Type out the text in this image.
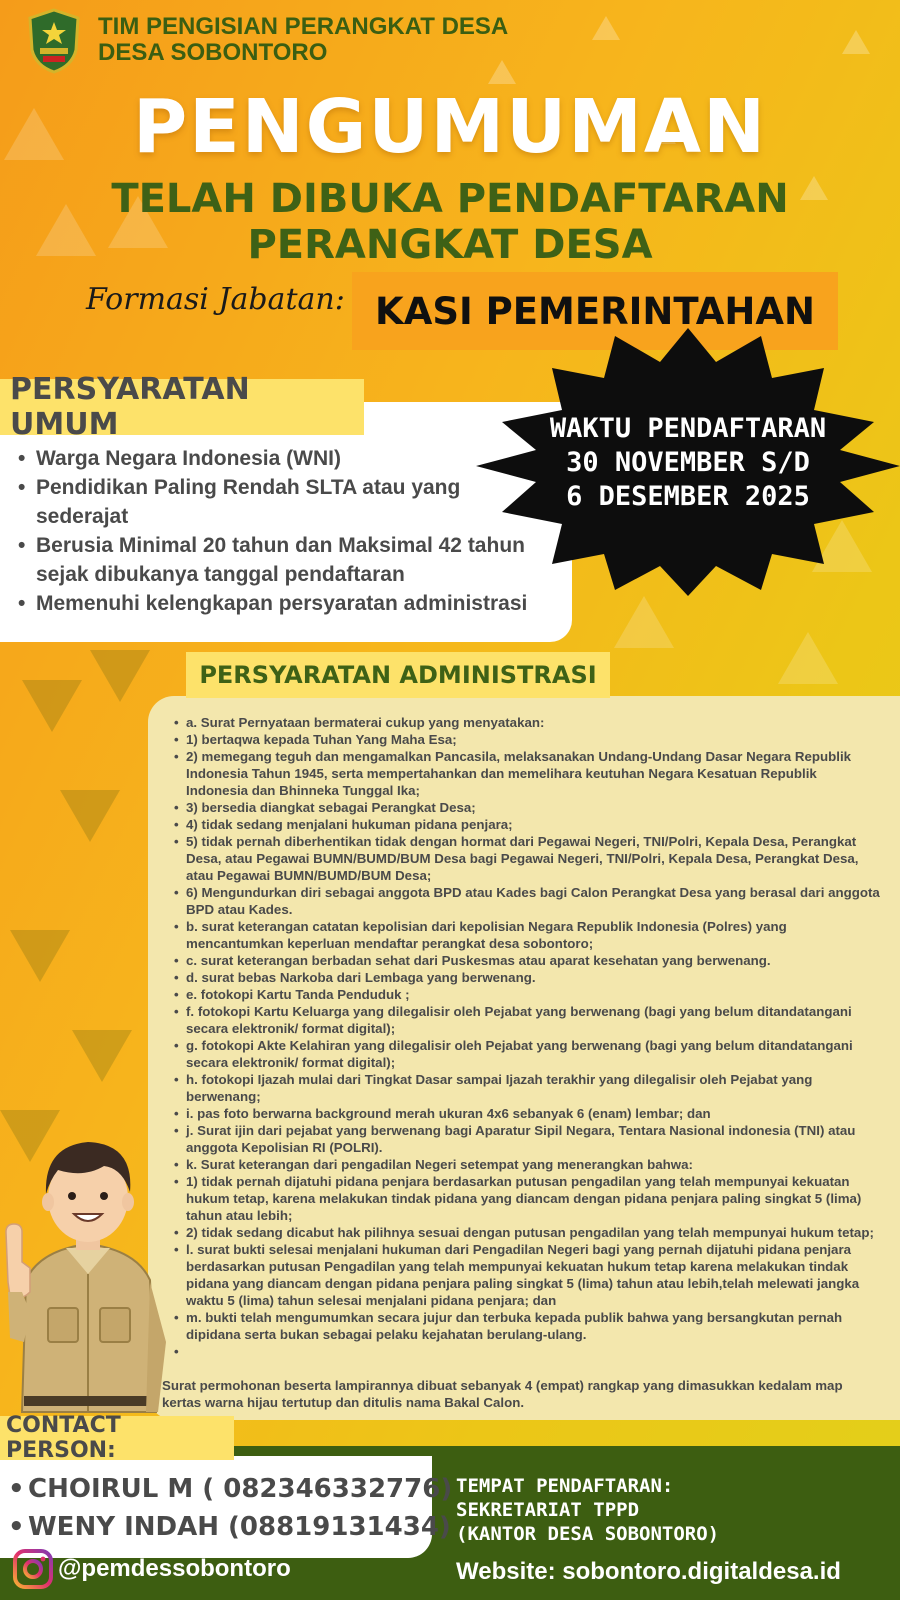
TIM PENGISIAN PERANGKAT DESA
DESA SOBONTORO
PENGUMUMAN
TELAH DIBUKA PENDAFTARAN
PERANGKAT DESA
Formasi Jabatan: KASI PEMERINTAHAN
PERSYARATAN UMUM
• Warga Negara Indonesia (WNI)
• Pendidikan Paling Rendah SLTA atau yang sederajat
• Berusia Minimal 20 tahun dan Maksimal 42 tahun sejak dibukanya tanggal pendaftaran
• Memenuhi kelengkapan persyaratan administrasi
WAKTU PENDAFTARAN
30 NOVEMBER S/D
6 DESEMBER 2025
PERSYARATAN ADMINISTRASI
• a. Surat Pernyataan bermaterai cukup yang menyatakan:
• 1) bertaqwa kepada Tuhan Yang Maha Esa;
• 2) memegang teguh dan mengamalkan Pancasila, melaksanakan Undang-Undang Dasar Negara Republik Indonesia Tahun 1945, serta mempertahankan dan memelihara keutuhan Negara Kesatuan Republik Indonesia dan Bhinneka Tunggal Ika;
• 3) bersedia diangkat sebagai Perangkat Desa;
• 4) tidak sedang menjalani hukuman pidana penjara;
• 5) tidak pernah diberhentikan tidak dengan hormat dari Pegawai Negeri, TNI/Polri, Kepala Desa, Perangkat Desa, atau Pegawai BUMN/BUMD/BUM Desa bagi Pegawai Negeri, TNI/Polri, Kepala Desa, Perangkat Desa, atau Pegawai BUMN/BUMD/BUM Desa;
• 6) Mengundurkan diri sebagai anggota BPD atau Kades bagi Calon Perangkat Desa yang berasal dari anggota BPD atau Kades.
• b. surat keterangan catatan kepolisian dari kepolisian Negara Republik Indonesia (Polres) yang mencantumkan keperluan mendaftar perangkat desa sobontoro;
• c. surat keterangan berbadan sehat dari Puskesmas atau aparat kesehatan yang berwenang.
• d. surat bebas Narkoba dari Lembaga yang berwenang.
• e. fotokopi Kartu Tanda Penduduk ;
• f. fotokopi Kartu Keluarga yang dilegalisir oleh Pejabat yang berwenang (bagi yang belum ditandatangani secara elektronik/ format digital);
• g. fotokopi Akte Kelahiran yang dilegalisir oleh Pejabat yang berwenang (bagi yang belum ditandatangani secara elektronik/ format digital);
• h. fotokopi Ijazah mulai dari Tingkat Dasar sampai Ijazah terakhir yang dilegalisir oleh Pejabat yang berwenang;
• i. pas foto berwarna background merah ukuran 4x6 sebanyak 6 (enam) lembar; dan
• j. Surat ijin dari pejabat yang berwenang bagi Aparatur Sipil Negara, Tentara Nasional indonesia (TNI) atau anggota Kepolisian RI (POLRI).
• k. Surat keterangan dari pengadilan Negeri setempat yang menerangkan bahwa:
• 1) tidak pernah dijatuhi pidana penjara berdasarkan putusan pengadilan yang telah mempunyai kekuatan hukum tetap, karena melakukan tindak pidana yang diancam dengan pidana penjara paling singkat 5 (lima) tahun atau lebih;
• 2) tidak sedang dicabut hak pilihnya sesuai dengan putusan pengadilan yang telah mempunyai hukum tetap;
• l. surat bukti selesai menjalani hukuman dari Pengadilan Negeri bagi yang pernah dijatuhi pidana penjara berdasarkan putusan Pengadilan yang telah mempunyai kekuatan hukum tetap karena melakukan tindak pidana yang diancam dengan pidana penjara paling singkat 5 (lima) tahun atau lebih,telah melewati jangka waktu 5 (lima) tahun selesai menjalani pidana penjara; dan
• m. bukti telah mengumumkan secara jujur dan terbuka kepada publik bahwa yang bersangkutan pernah dipidana serta bukan sebagai pelaku kejahatan berulang-ulang.
•
Surat permohonan beserta lampirannya dibuat sebanyak 4 (empat) rangkap yang dimasukkan kedalam map kertas warna hijau tertutup dan ditulis nama Bakal Calon.
CONTACT PERSON:
• CHOIRUL M ( 082346332776)
• WENY INDAH (08819131434)
@pemdessobontoro
TEMPAT PENDAFTARAN:
SEKRETARIAT TPPD
(KANTOR DESA SOBONTORO)
Website: sobontoro.digitaldesa.id
